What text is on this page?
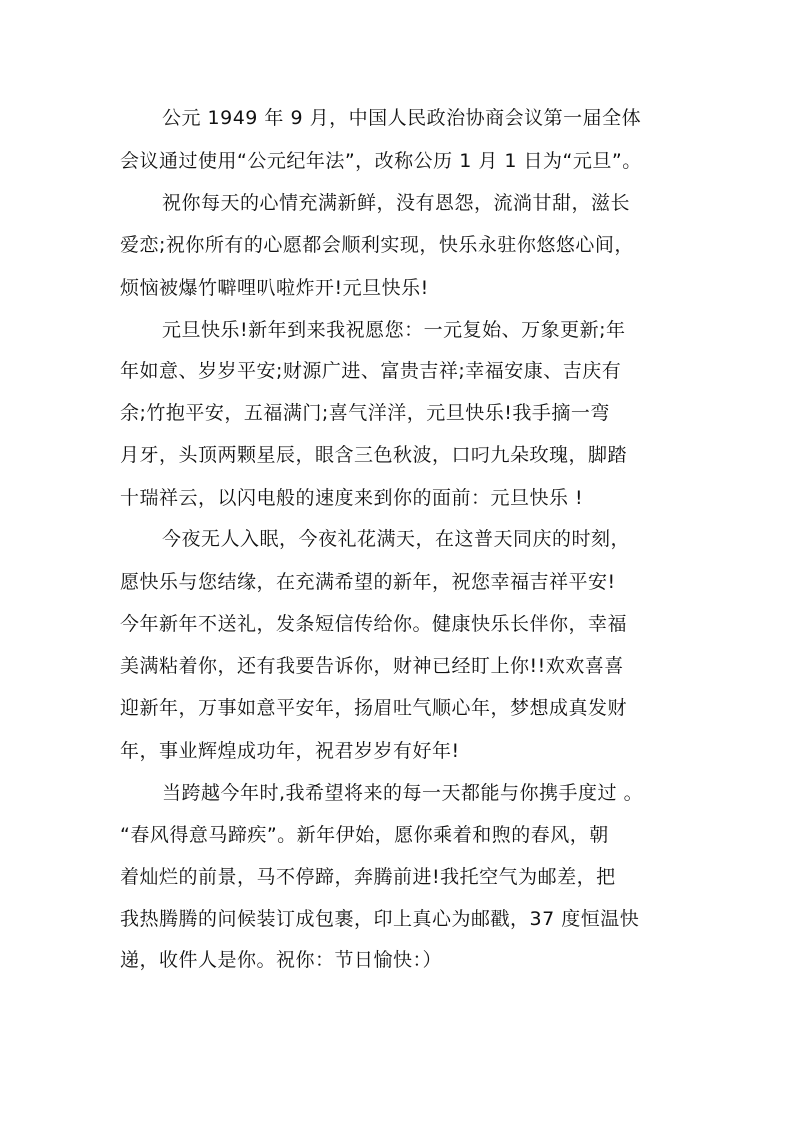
公元 1949 年 9 月，中国人民政治协商会议第一届全体
会议通过使用“公元纪年法”，改称公历 1 月 1 日为“元旦”。
祝你每天的心情充满新鲜，没有恩怨，流淌甘甜，滋长
爱恋;祝你所有的心愿都会顺利实现，快乐永驻你悠悠心间，
烦恼被爆竹噼哩叭啦炸开!元旦快乐!
元旦快乐!新年到来我祝愿您：一元复始、万象更新;年
年如意、岁岁平安;财源广进、富贵吉祥;幸福安康、吉庆有
余;竹抱平安，五福满门;喜气洋洋，元旦快乐!我手摘一弯
月牙，头顶两颗星辰，眼含三色秋波，口叼九朵玫瑰，脚踏
十瑞祥云，以闪电般的速度来到你的面前：元旦快乐 !
今夜无人入眠，今夜礼花满天，在这普天同庆的时刻，
愿快乐与您结缘，在充满希望的新年，祝您幸福吉祥平安!
今年新年不送礼，发条短信传给你。健康快乐长伴你，幸福
美满粘着你，还有我要告诉你，财神已经盯上你!!欢欢喜喜
迎新年，万事如意平安年，扬眉吐气顺心年，梦想成真发财
年，事业辉煌成功年，祝君岁岁有好年!
当跨越今年时,我希望将来的每一天都能与你携手度过 。
“春风得意马蹄疾”。新年伊始，愿你乘着和煦的春风，朝
着灿烂的前景，马不停蹄，奔腾前进!我托空气为邮差，把
我热腾腾的问候装订成包裹，印上真心为邮戳，37 度恒温快
递，收件人是你。祝你：节日愉快：）
